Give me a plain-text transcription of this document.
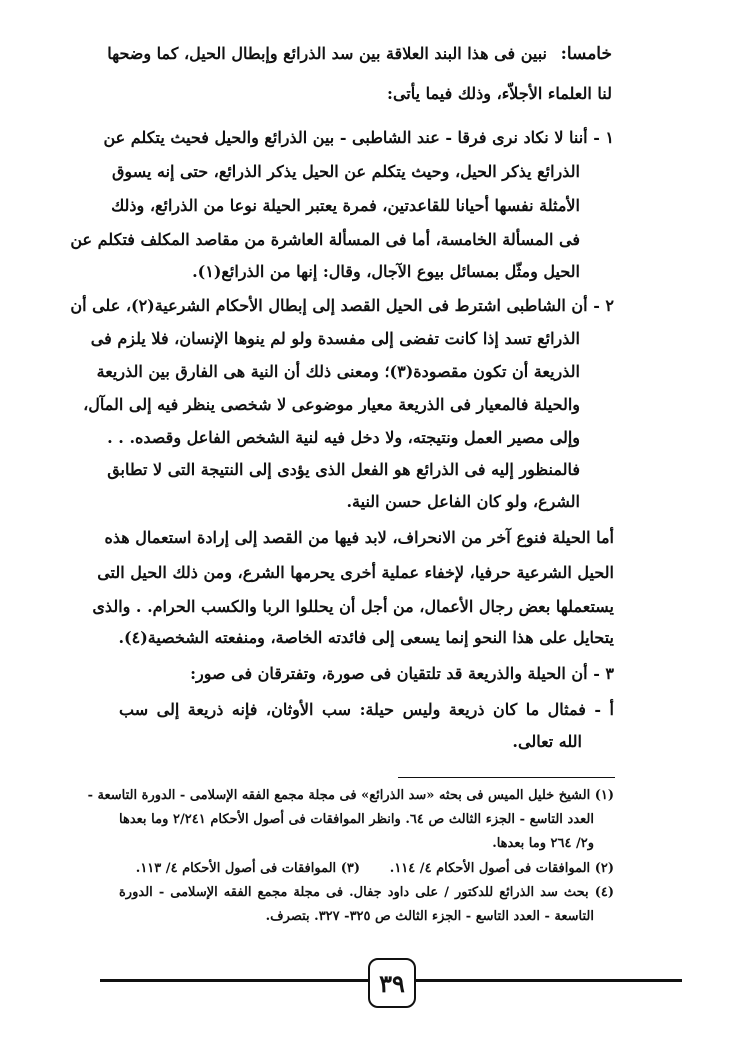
خامسا:
نبين فى هذا البند العلاقة بين سد الذرائع وإبطال الحيل، كما وضحها
لنا العلماء الأجلاّء، وذلك فيما يأتى:
١ - أننا لا نكاد نرى فرقا - عند الشاطبى - بين الذرائع والحيل فحيث يتكلم عن
الذرائع يذكر الحيل، وحيث يتكلم عن الحيل يذكر الذرائع، حتى إنه يسوق
الأمثلة نفسها أحيانا للقاعدتين، فمرة يعتبر الحيلة نوعا من الذرائع، وذلك
فى المسألة الخامسة، أما فى المسألة العاشرة من مقاصد المكلف فتكلم عن
الحيل ومثّل بمسائل بيوع الآجال، وقال: إنها من الذرائع(١).
٢ - أن الشاطبى اشترط فى الحيل القصد إلى إبطال الأحكام الشرعية(٢)، على أن
الذرائع تسد إذا كانت تفضى إلى مفسدة ولو لم ينوها الإنسان، فلا يلزم فى
الذريعة أن تكون مقصودة(٣)؛ ومعنى ذلك أن النية هى الفارق بين الذريعة
والحيلة فالمعيار فى الذريعة معيار موضوعى لا شخصى ينظر فيه إلى المآل،
وإلى مصير العمل ونتيجته، ولا دخل فيه لنية الشخص الفاعل وقصده. . .
فالمنظور إليه فى الذرائع هو الفعل الذى يؤدى إلى النتيجة التى لا تطابق
الشرع، ولو كان الفاعل حسن النية.
أما الحيلة فنوع آخر من الانحراف، لابد فيها من القصد إلى إرادة استعمال هذه
الحيل الشرعية حرفيا، لإخفاء عملية أخرى يحرمها الشرع، ومن ذلك الحيل التى
يستعملها بعض رجال الأعمال، من أجل أن يحللوا الربا والكسب الحرام. . والذى
يتحايل على هذا النحو إنما يسعى إلى فائدته الخاصة، ومنفعته الشخصية(٤).
٣ - أن الحيلة والذريعة قد تلتقيان فى صورة، وتفترقان فى صور:
أ - فمثال ما كان ذريعة وليس حيلة: سب الأوثان، فإنه ذريعة إلى سب
الله تعالى.
(١) الشيخ خليل الميس فى بحثه «سد الذرائع» فى مجلة مجمع الفقه الإسلامى - الدورة التاسعة -
العدد التاسع - الجزء الثالث ص ٦٤. وانظر الموافقات فى أصول الأحكام ٢/٢٤١ وما بعدها
و٢/ ٢٦٤ وما بعدها.
(٢) الموافقات فى أصول الأحكام ٤/ ١١٤.
(٣) الموافقات فى أصول الأحكام ٤/ ١١٣.
(٤) بحث سد الذرائع للدكتور / على داود جفال. فى مجلة مجمع الفقه الإسلامى - الدورة
التاسعة - العدد التاسع - الجزء الثالث ص ٣٢٥- ٣٢٧. بتصرف.
٣٩
